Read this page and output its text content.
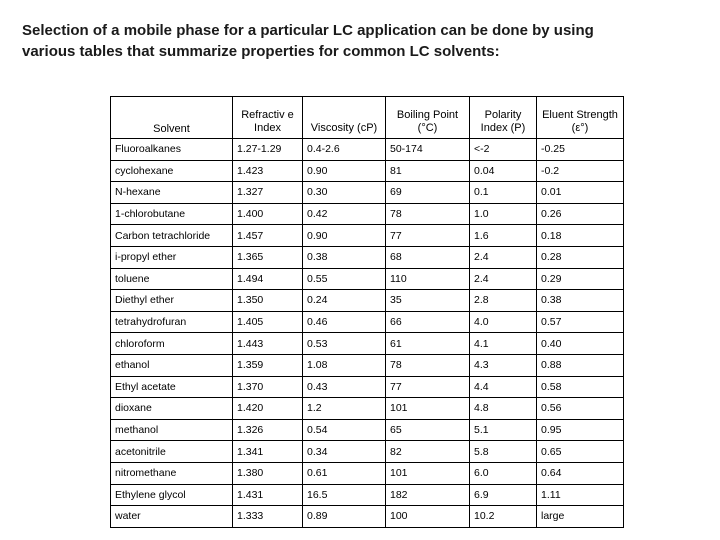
Selection of a mobile phase for a particular LC application can be done by using
various tables that summarize properties for common LC solvents:

Solvent	Refractiv e Index	Viscosity (cP)	Boiling Point (°C)	Polarity Index (P)	Eluent Strength (ε°)
Fluoroalkanes	1.27-1.29	0.4-2.6	50-174	<-2	-0.25
cyclohexane	1.423	0.90	81	0.04	-0.2
N-hexane	1.327	0.30	69	0.1	0.01
1-chlorobutane	1.400	0.42	78	1.0	0.26
Carbon tetrachloride	1.457	0.90	77	1.6	0.18
i-propyl ether	1.365	0.38	68	2.4	0.28
toluene	1.494	0.55	110	2.4	0.29
Diethyl ether	1.350	0.24	35	2.8	0.38
tetrahydrofuran	1.405	0.46	66	4.0	0.57
chloroform	1.443	0.53	61	4.1	0.40
ethanol	1.359	1.08	78	4.3	0.88
Ethyl acetate	1.370	0.43	77	4.4	0.58
dioxane	1.420	1.2	101	4.8	0.56
methanol	1.326	0.54	65	5.1	0.95
acetonitrile	1.341	0.34	82	5.8	0.65
nitromethane	1.380	0.61	101	6.0	0.64
Ethylene glycol	1.431	16.5	182	6.9	1.11
water	1.333	0.89	100	10.2	large
